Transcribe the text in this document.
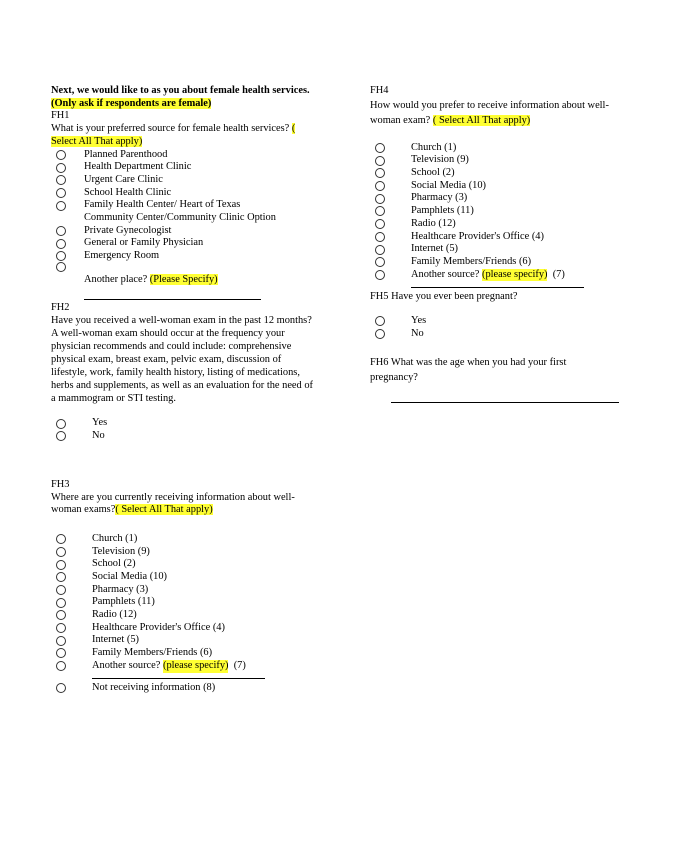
Next, we would like to as you about female health services. (Only ask if respondents are female)

FH1

What is your preferred source for female health services? ( Select All That apply)

Planned Parenthood
Health Department Clinic
Urgent Care Clinic
School Health Clinic
Family Health Center/ Heart of Texas
Community Center/Community Clinic Option
Private Gynecologist
General or Family Physician
Emergency Room
Another place? (Please Specify)
FH2

Have you received a well-woman exam in the past 12 months? A well-woman exam should occur at the frequency your physician recommends and could include: comprehensive physical exam, breast exam, pelvic exam, discussion of lifestyle, work, family health history, listing of medications, herbs and supplements, as well as an evaluation for the need of a mammogram or STI testing.

Yes
No
FH3

Where are you currently receiving information about well-woman exams?( Select All That apply)

Church (1)
Television (9)
School (2)
Social Media (10)
Pharmacy (3)
Pamphlets (11)
Radio (12)
Healthcare Provider's Office (4)
Internet (5)
Family Members/Friends (6)
Another source?
(please specify)
(7)
Not receiving information (8)
FH4

How would you prefer to receive information about well-woman exam? ( Select All That apply)

Church (1)
Television (9)
School (2)
Social Media (10)
Pharmacy (3)
Pamphlets (11)
Radio (12)
Healthcare Provider's Office (4)
Internet (5)
Family Members/Friends (6)
Another source?
(please specify)
(7)
FH5 Have you ever been pregnant?
Yes
No

FH6 What was the age when you had your first pregnancy?
